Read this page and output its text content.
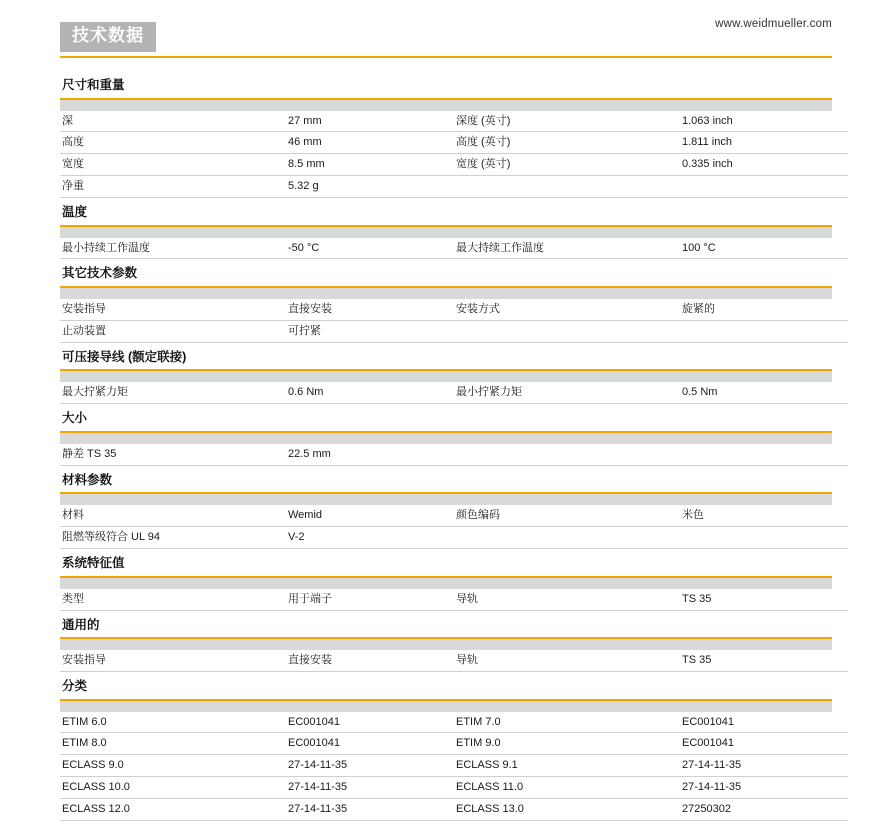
技术数据
www.weidmueller.com
尺寸和重量
深	27 mm	深度 (英寸)	1.063 inch
高度	46 mm	高度 (英寸)	1.811 inch
宽度	8.5 mm	宽度 (英寸)	0.335 inch
净重	5.32 g		
温度
最小持续工作温度	-50 °C	最大持续工作温度	100 °C
其它技术参数
安装指导	直接安装	安装方式	旋紧的
止动装置	可拧紧		
可压接导线 (额定联接)
最大拧紧力矩	0.6 Nm	最小拧紧力矩	0.5 Nm
大小
静差 TS 35	22.5 mm		
材料参数
材料	Wemid	颜色编码	米色
阻燃等级符合 UL 94	V-2		
系统特征值
类型	用于端子	导轨	TS 35
通用的
安装指导	直接安装	导轨	TS 35
分类
ETIM 6.0	EC001041	ETIM 7.0	EC001041
ETIM 8.0	EC001041	ETIM 9.0	EC001041
ECLASS 9.0	27-14-11-35	ECLASS 9.1	27-14-11-35
ECLASS 10.0	27-14-11-35	ECLASS 11.0	27-14-11-35
ECLASS 12.0	27-14-11-35	ECLASS 13.0	27250302
